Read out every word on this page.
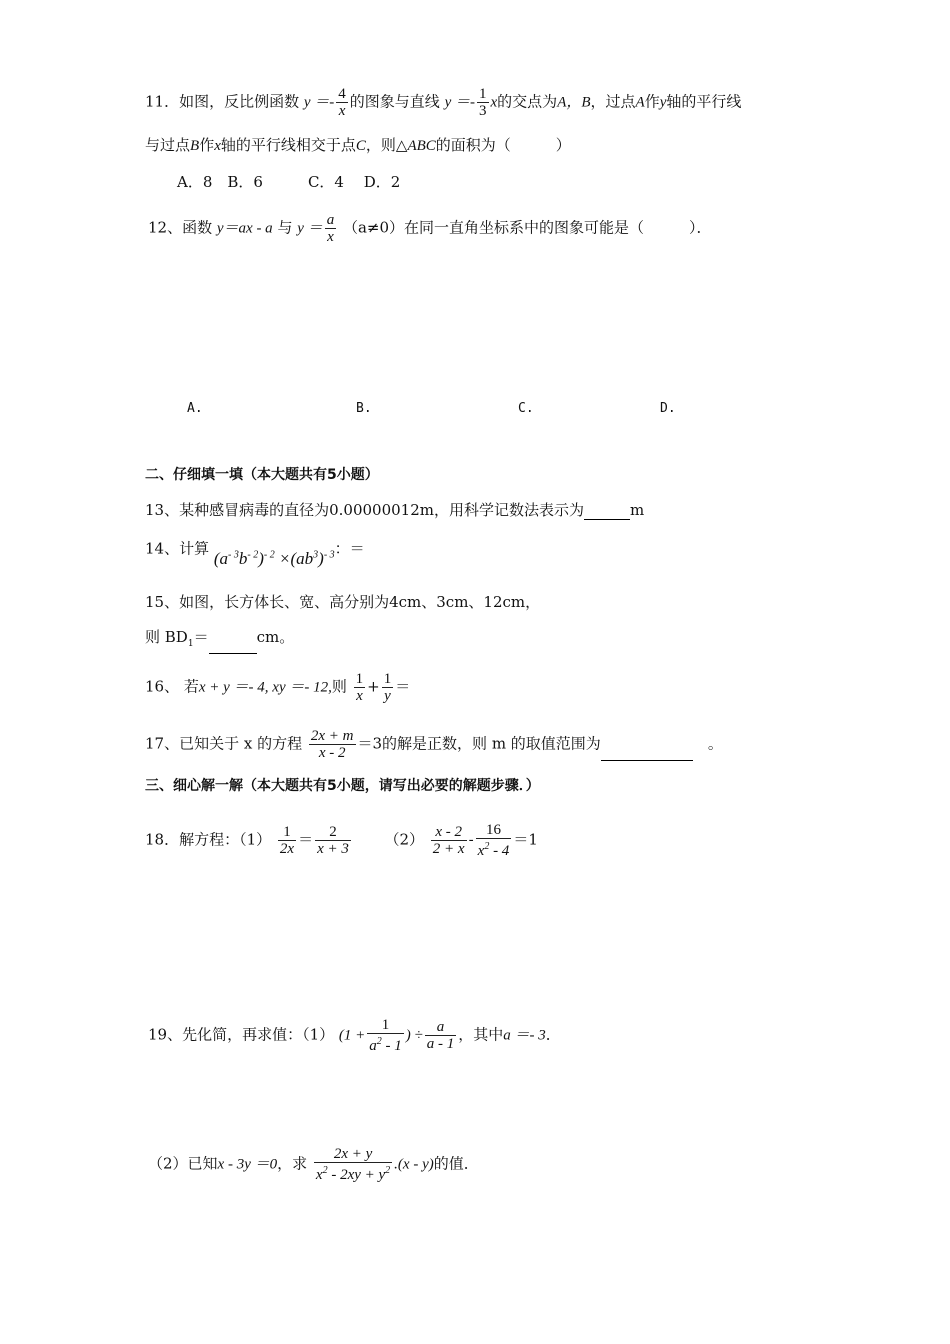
11．如图，反比例函数 $y =- \frac{4}{x}$ 的图象与直线 $y =- \frac{1}{3}$ x的交点为A，B，过点A作y轴的平行线
与过点B作x轴的平行线相交于点C，则△ABC的面积为（　　　）
A．8　B．6　　　C．4　 D．2
12、函数 y＝ax - a 与 $y = \frac{a}{x} (a\ne 0)$在同一直角坐标系中的图象可能是（　　　）．
A.	B.	C.	D.
二、仔细填一填（本大题共有5小题）
13、某种感冒病毒的直径为0.00000012m，用科学记数法表示为	m
14、计算 $(a^{- 3}b^{- 2})^{- 2} \times(ab^3)^{- 3}$：＝
15、如图，长方体长、宽、高分别为4cm、3cm、12cm，
则 $BD_1=$	cm。
16、 若x + y ＝- 4, xy ＝- 12,则 $\frac{1}{x} + \frac{1}{y}$ ＝
17、已知关于 x 的方程 $\frac{2x + m}{x - 2} =3$的解是正数，则 m 的取值范围为	　。
三、细心解一解（本大题共有5小题，请写出必要的解题步骤．）
18．解方程：$(1) \frac{1}{2x} = \frac{2}{x + 3} (2) \frac{x - 2}{2 + x} - \frac{16}{x^2 - 4} =1$
19、先化简，再求值：（1） ($1 + \frac{1}{a^2 - 1}$ ) ÷ $\frac{a}{a - 1}$ ，其中a ＝- 3．
（2）已知x - 3y ＝0，求 $\frac{2x + y}{x^2 - 2xy + y^2} .(x - y)$的值．
